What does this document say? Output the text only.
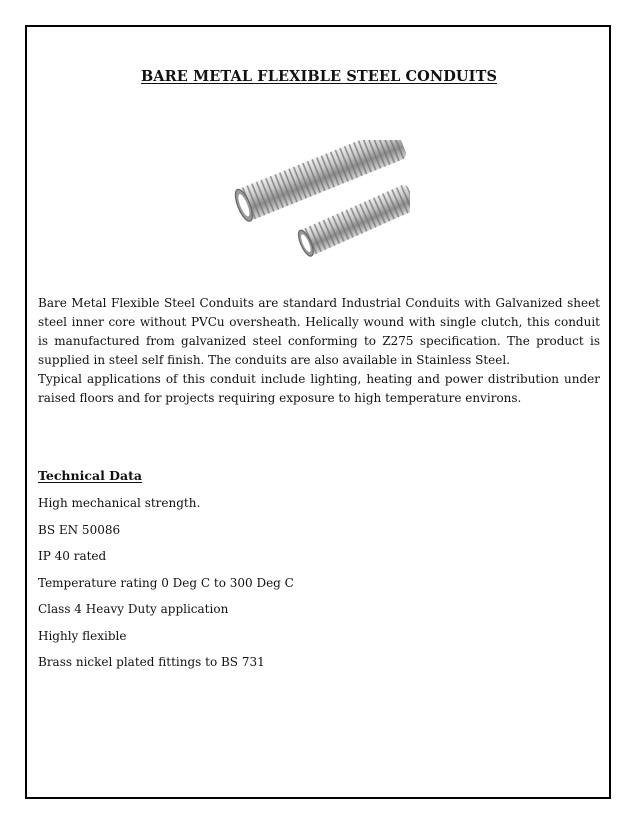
BARE METAL FLEXIBLE STEEL CONDUITS
Bare Metal Flexible Steel Conduits are standard Industrial Conduits with Galvanized sheet steel inner core without PVCu oversheath. Helically wound with single clutch, this conduit is manufactured from galvanized steel conforming to Z275 specification. The product is supplied in steel self finish. The conduits are also available in Stainless Steel.
Typical applications of this conduit include lighting, heating and power distribution under raised floors and for projects requiring exposure to high temperature environs.
Technical Data
High mechanical strength.
BS EN 50086
IP 40 rated
Temperature rating 0 Deg C to 300 Deg C
Class 4 Heavy Duty application
Highly flexible
Brass nickel plated fittings to BS 731
